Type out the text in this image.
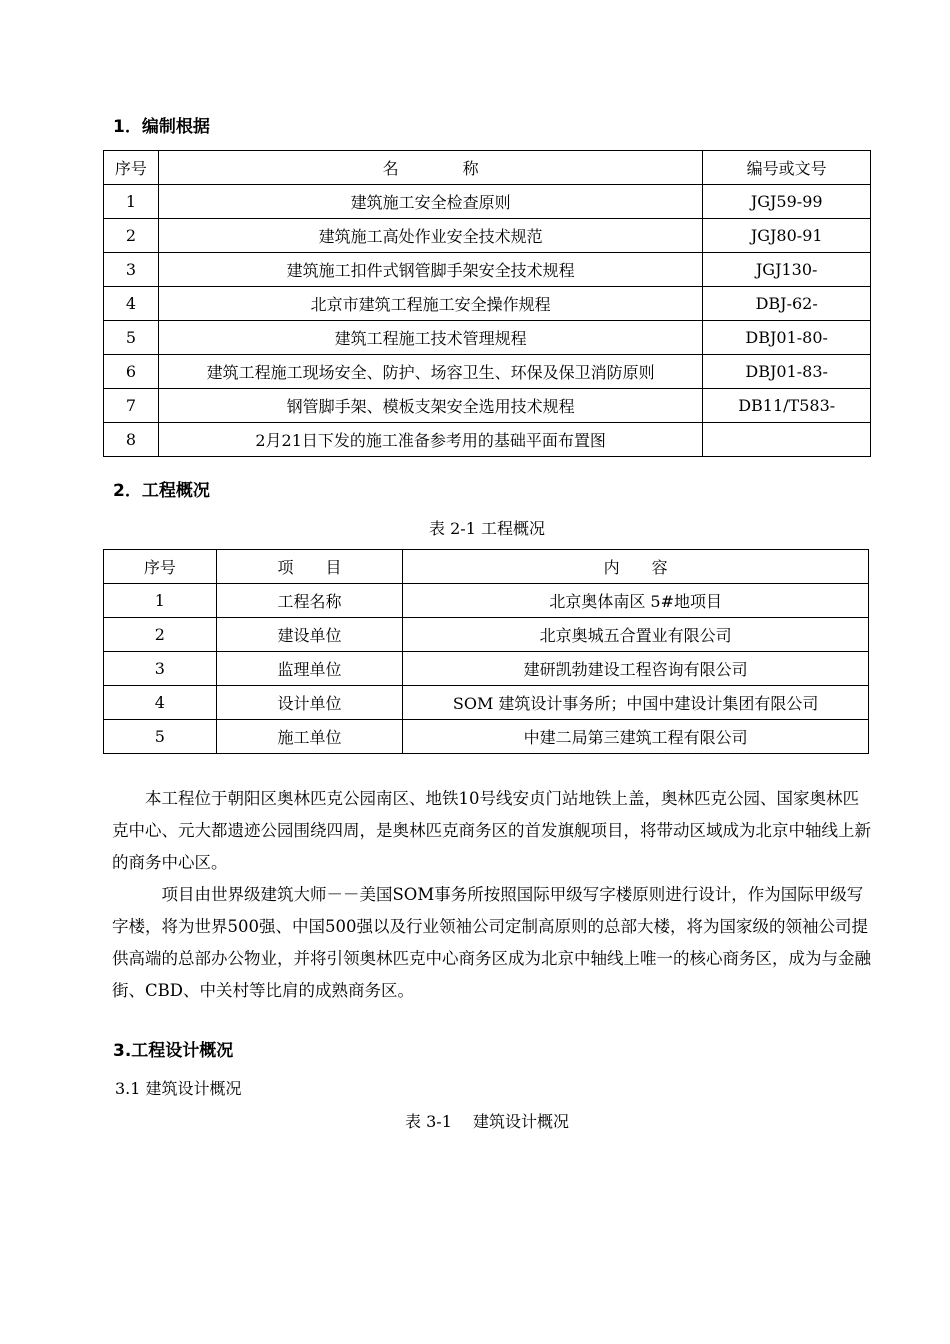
1．编制根据
序号	名　　　　称	编号或文号
1	建筑施工安全检查原则	JGJ59-99
2	建筑施工高处作业安全技术规范	JGJ80-91
3	建筑施工扣件式钢管脚手架安全技术规程	JGJ130-
4	北京市建筑工程施工安全操作规程	DBJ-62-
5	建筑工程施工技术管理规程	DBJ01-80-
6	建筑工程施工现场安全、防护、场容卫生、环保及保卫消防原则	DBJ01-83-
7	钢管脚手架、模板支架安全选用技术规程	DB11/T583-
8	2月21日下发的施工准备参考用的基础平面布置图	
2．工程概况
表 2-1 工程概况
序号	项　　目	内　　容
1	工程名称	北京奥体南区 5#地项目
2	建设单位	北京奥城五合置业有限公司
3	监理单位	建研凯勃建设工程咨询有限公司
4	设计单位	SOM 建筑设计事务所；中国中建设计集团有限公司
5	施工单位	中建二局第三建筑工程有限公司

　　本工程位于朝阳区奥林匹克公园南区、地铁10号线安贞门站地铁上盖，奥林匹克公园、国家奥林匹克中心、元大都遗迹公园围绕四周，是奥林匹克商务区的首发旗舰项目，将带动区域成为北京中轴线上新的商务中心区。

　　　项目由世界级建筑大师－－美国SOM事务所按照国际甲级写字楼原则进行设计，作为国际甲级写字楼，将为世界500强、中国500强以及行业领袖公司定制高原则的总部大楼，将为国家级的领袖公司提供高端的总部办公物业，并将引领奥林匹克中心商务区成为北京中轴线上唯一的核心商务区，成为与金融街、CBD、中关村等比肩的成熟商务区。

3.工程设计概况
3.1 建筑设计概况
表 3-1　 建筑设计概况
